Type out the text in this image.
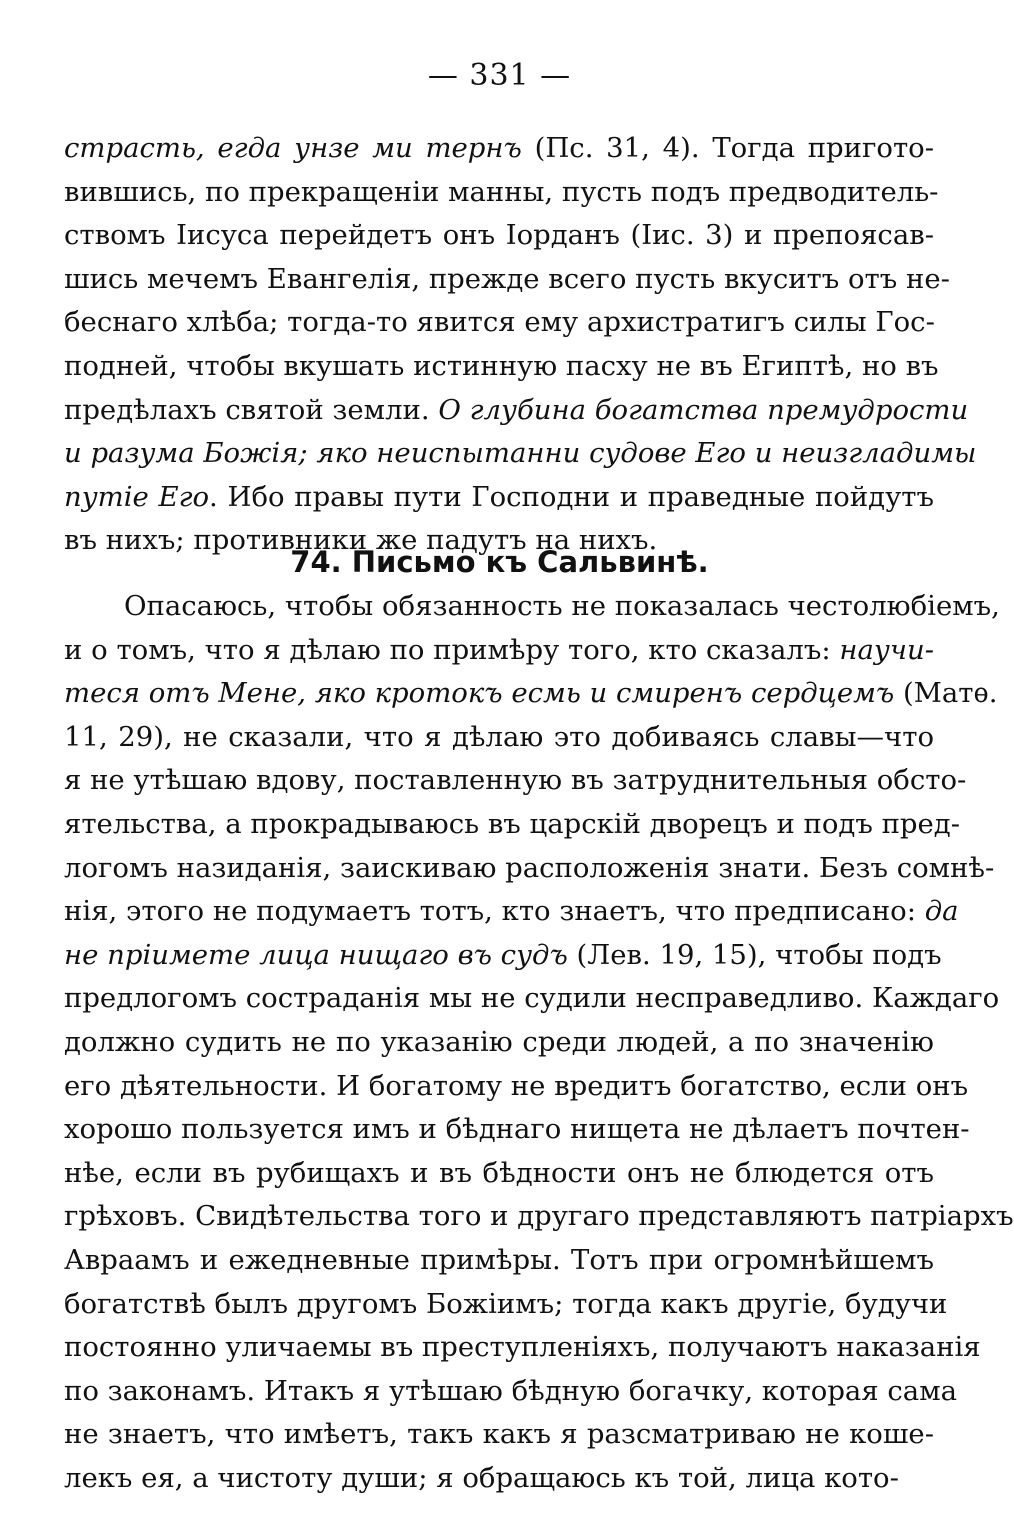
— 331 —
страсть, егда унзе ми тернъ (Пс. 31, 4). Тогда пригото-
вившись, по прекращенiи манны, пусть подъ предводитель-
ствомъ Iисуса перейдетъ онъ Iорданъ (Iис. 3) и препоясав-
шись мечемъ Евангелiя, прежде всего пусть вкуситъ отъ не-
беснаго хлѣба; тогда-то явится ему архистратигъ силы Гос-
подней, чтобы вкушать истинную пасху не въ Египтѣ, но въ
предѣлахъ святой земли. О глубина богатства премудрости
и разума Божiя; яко неиспытанни судове Его и неизгладимы
путiе Его. Ибо правы пути Господни и праведные пойдутъ
въ нихъ; противники же падутъ на нихъ.
Опасаюсь, чтобы обязанность не показалась честолюбiемъ,
и о томъ, что я дѣлаю по примѣру того, кто сказалъ: научи-
теся отъ Мене, яко кротокъ есмь и смиренъ сердцемъ (Матѳ.
11, 29), не сказали, что я дѣлаю это добиваясь славы—что
я не утѣшаю вдову, поставленную въ затруднительныя обсто-
ятельства, а прокрадываюсь въ царскiй дворецъ и подъ пред-
логомъ назиданiя, заискиваю расположенiя знати. Безъ сомнѣ-
нiя, этого не подумаетъ тотъ, кто знаетъ, что предписано: да
не прiимете лица нищаго въ судъ (Лев. 19, 15), чтобы подъ
предлогомъ состраданiя мы не судили несправедливо. Каждаго
должно судить не по указанiю среди людей, а по значенiю
его дѣятельности. И богатому не вредитъ богатство, если онъ
хорошо пользуется имъ и бѣднаго нищета не дѣлаетъ почтен-
нѣе, если въ рубищахъ и въ бѣдности онъ не блюдется отъ
грѣховъ. Свидѣтельства того и другаго представляютъ патрiархъ
Авраамъ и ежедневные примѣры. Тотъ при огромнѣйшемъ
богатствѣ былъ другомъ Божiимъ; тогда какъ другiе, будучи
постоянно уличаемы въ преступленiяхъ, получаютъ наказанiя
по законамъ. Итакъ я утѣшаю бѣдную богачку, которая сама
не знаетъ, что имѣетъ, такъ какъ я разсматриваю не коше-
лекъ ея, а чистоту души; я обращаюсь къ той, лица кото-
74. Письмо къ Сальвинѣ.
